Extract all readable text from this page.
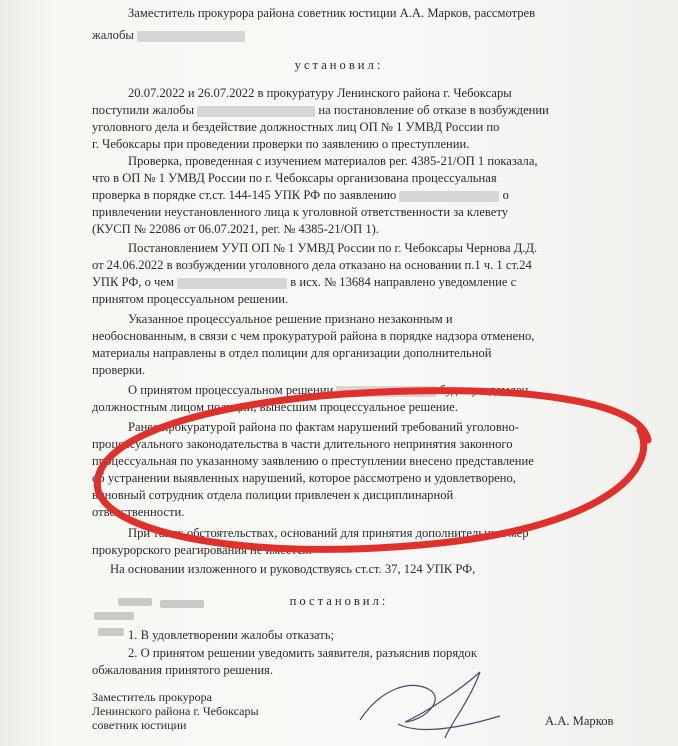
Заместитель прокурора района советник юстиции А.А. Марков, рассмотрев
жалобы
установил:
20.07.2022 и 26.07.2022 в прокуратуру Ленинского района г. Чебоксары
поступили жалобы	на постановление об отказе в возбуждении
уголовного дела и бездействие должностных лиц ОП № 1 УМВД России по
г. Чебоксары при проведении проверки по заявлению о преступлении.
Проверка, проведенная с изучением материалов рег. 4385-21/ОП 1 показала,
что в ОП № 1 УМВД России по г. Чебоксары организована процессуальная
проверка в порядке ст.ст. 144-145 УПК РФ по заявлению	о
привлечении неустановленного лица к уголовной ответственности за клевету
(КУСП № 22086 от 06.07.2021, рег. № 4385-21/ОП 1).
Постановлением УУП ОП № 1 УМВД России по г. Чебоксары Чернова Д.Д.
от 24.06.2022 в возбуждении уголовного дела отказано на основании п.1 ч. 1 ст.24
УПК РФ, о чем	в исх. № 13684 направлено уведомление с
принятом процессуальном решении.
Указанное процессуальное решение признано незаконным и
необоснованным, в связи с чем прокуратурой района в порядке надзора отменено,
материалы направлены в отдел полиции для организации дополнительной
проверки.
О принятом процессуальном решении	будет уведомлен
должностным лицом полиции, вынесшим процессуальное решение.
Ранее прокуратурой района по фактам нарушений требований уголовно-
процессуального законодательства в части длительного непринятия законного
процессуальная по указанному заявлению о преступлении внесено представление
об устранении выявленных нарушений, которое рассмотрено и удовлетворено,
виновный сотрудник отдела полиции привлечен к дисциплинарной
ответственности.
При таких обстоятельствах, оснований для принятия дополнительных мер
прокурорского реагирования не имеется.
На основании изложенного и руководствуясь ст.ст. 37, 124 УПК РФ,
постановил:
1. В удовлетворении жалобы отказать;
2. О принятом решении уведомить заявителя, разъяснив порядок
обжалования принятого решения.
Заместитель прокурора
Ленинского района г. Чебоксары
советник юстиции	А.А. Марков
